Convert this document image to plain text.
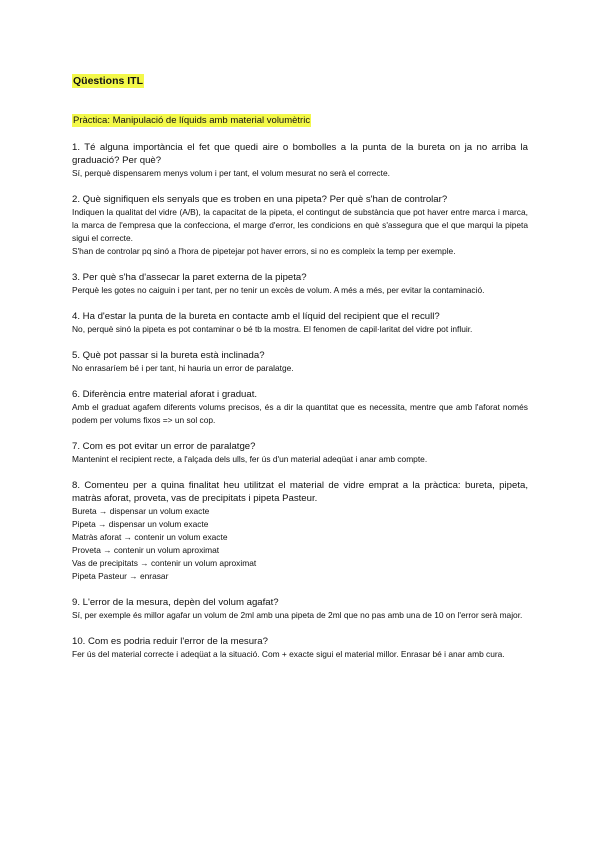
Qüestions ITL
Pràctica: Manipulació de líquids amb material volumètric

1. Té alguna importància el fet que quedi aire o bombolles a la punta de la bureta on ja no arriba la graduació? Per què?

Sí, perquè dispensarem menys volum i per tant, el volum mesurat no serà el correcte.

2. Què signifiquen els senyals que es troben en una pipeta? Per què s'han de controlar?

Indiquen la qualitat del vidre (A/B), la capacitat de la pipeta, el contingut de substància que pot haver entre marca i marca, la marca de l'empresa que la confecciona, el marge d'error, les condicions en què s'assegura que el que marqui la pipeta sigui el correcte.

S'han de controlar pq sinó a l'hora de pipetejar pot haver errors, si no es compleix la temp per exemple.

3. Per què s'ha d'assecar la paret externa de la pipeta?

Perquè les gotes no caiguin i per tant, per no tenir un excès de volum. A més a més, per evitar la contaminació.

4. Ha d'estar la punta de la bureta en contacte amb el líquid del recipient que el recull?

No, perquè sinó la pipeta es pot contaminar o bé tb la mostra. El fenomen de capil·laritat del vidre pot influir.

5. Què pot passar si la bureta està inclinada?

No enrasaríem bé i per tant, hi hauria un error de paralatge.

6. Diferència entre material aforat i graduat.

Amb el graduat agafem diferents volums precisos, és a dir la quantitat que es necessita, mentre que amb l'aforat només podem per volums fixos => un sol cop.

7. Com es pot evitar un error de paralatge?

Mantenint el recipient recte, a l'alçada dels ulls, fer ús d'un material adeqüat i anar amb compte.

8. Comenteu per a quina finalitat heu utilitzat el material de vidre emprat a la pràctica: bureta, pipeta, matràs aforat, proveta, vas de precipitats i pipeta Pasteur.

Bureta → dispensar un volum exacte
Pipeta → dispensar un volum exacte
Matràs aforat → contenir un volum exacte
Proveta → contenir un volum aproximat
Vas de precipitats → contenir un volum aproximat
Pipeta Pasteur → enrasar

9. L'error de la mesura, depèn del volum agafat?

Sí, per exemple és millor agafar un volum de 2ml amb una pipeta de 2ml que no pas amb una de 10 on l'error serà major.

10. Com es podria reduir l'error de la mesura?

Fer ús del material correcte i adeqüat a la situació. Com + exacte sigui el material millor. Enrasar bé i anar amb cura.
